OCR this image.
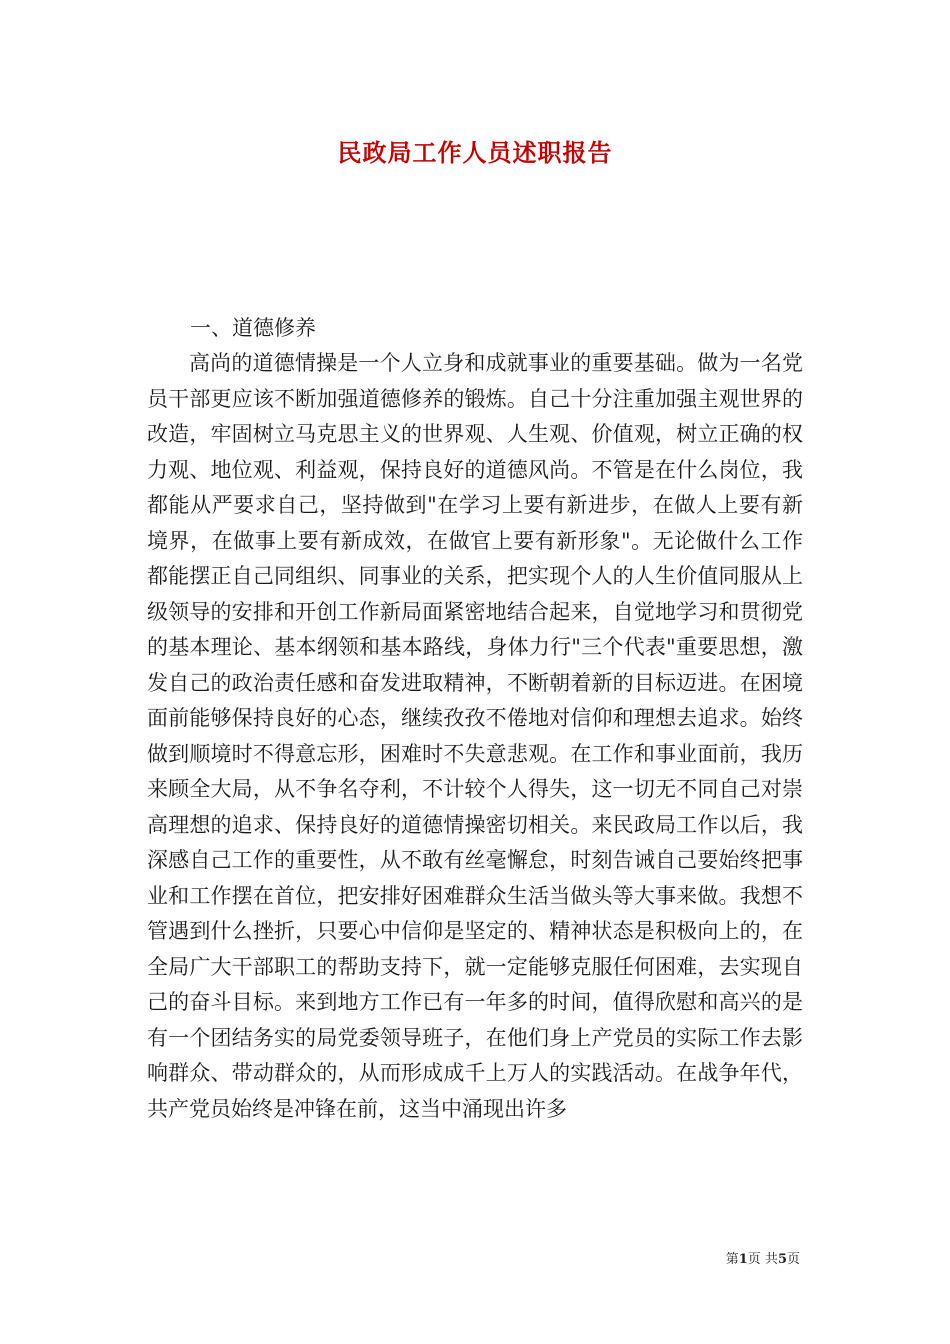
民政局工作人员述职报告

一、道德修养

高尚的道德情操是一个人立身和成就事业的重要基础。做为一名党员干部更应该不断加强道德修养的锻炼。自己十分注重加强主观世界的改造，牢固树立马克思主义的世界观、人生观、价值观，树立正确的权力观、地位观、利益观，保持良好的道德风尚。不管是在什么岗位，我都能从严要求自己，坚持做到"在学习上要有新进步，在做人上要有新境界，在做事上要有新成效，在做官上要有新形象"。无论做什么工作都能摆正自己同组织、同事业的关系，把实现个人的人生价值同服从上级领导的安排和开创工作新局面紧密地结合起来，自觉地学习和贯彻党的基本理论、基本纲领和基本路线，身体力行"三个代表"重要思想，激发自己的政治责任感和奋发进取精神，不断朝着新的目标迈进。在困境面前能够保持良好的心态，继续孜孜不倦地对信仰和理想去追求。始终做到顺境时不得意忘形，困难时不失意悲观。在工作和事业面前，我历来顾全大局，从不争名夺利，不计较个人得失，这一切无不同自己对崇高理想的追求、保持良好的道德情操密切相关。来民政局工作以后，我深感自己工作的重要性，从不敢有丝毫懈怠，时刻告诫自己要始终把事业和工作摆在首位，把安排好困难群众生活当做头等大事来做。我想不管遇到什么挫折，只要心中信仰是坚定的、精神状态是积极向上的，在全局广大干部职工的帮助支持下，就一定能够克服任何困难，去实现自己的奋斗目标。来到地方工作已有一年多的时间，值得欣慰和高兴的是有一个团结务实的局党委领导班子，在他们身上产党员的实际工作去影响群众、带动群众的，从而形成成千上万人的实践活动。在战争年代，共产党员始终是冲锋在前，这当中涌现出许多

第1页 共5页
